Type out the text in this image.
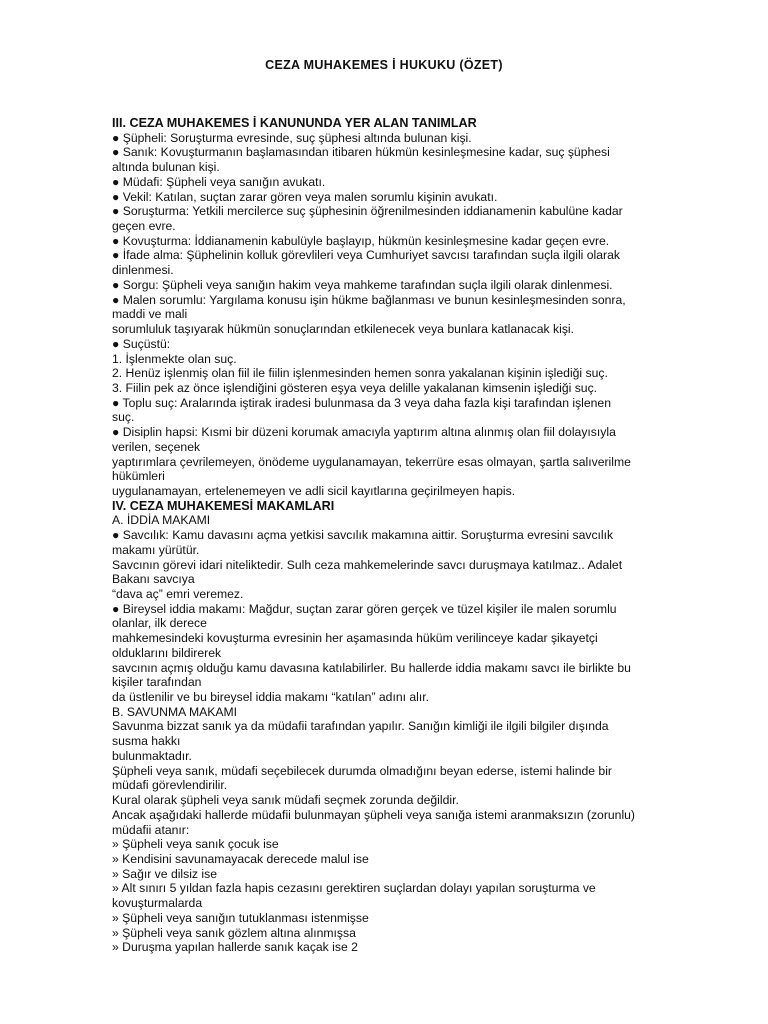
CEZA MUHAKEMES İ HUKUKU (ÖZET)
III. CEZA MUHAKEMES İ KANUNUNDA YER ALAN TANIMLAR
● Şüpheli: Soruşturma evresinde, suç şüphesi altında bulunan kişi.
● Sanık: Kovuşturmanın başlamasından itibaren hükmün kesinleşmesine kadar, suç şüphesi
altında bulunan kişi.
● Müdafi: Şüpheli veya sanığın avukatı.
● Vekil: Katılan, suçtan zarar gören veya malen sorumlu kişinin avukatı.
● Soruşturma: Yetkili mercilerce suç şüphesinin öğrenilmesinden iddianamenin kabulüne kadar
geçen evre.
● Kovuşturma: İddianamenin kabulüyle başlayıp, hükmün kesinleşmesine kadar geçen evre.
● İfade alma: Şüphelinin kolluk görevlileri veya Cumhuriyet savcısı tarafından suçla ilgili olarak
dinlenmesi.
● Sorgu: Şüpheli veya sanığın hakim veya mahkeme tarafından suçla ilgili olarak dinlenmesi.
● Malen sorumlu: Yargılama konusu işin hükme bağlanması ve bunun kesinleşmesinden sonra,
maddi ve mali
sorumluluk taşıyarak hükmün sonuçlarından etkilenecek veya bunlara katlanacak kişi.
● Suçüstü:
1. İşlenmekte olan suç.
2. Henüz işlenmiş olan fiil ile fiilin işlenmesinden hemen sonra yakalanan kişinin işlediği suç.
3. Fiilin pek az önce işlendiğini gösteren eşya veya delille yakalanan kimsenin işlediği suç.
● Toplu suç: Aralarında iştirak iradesi bulunmasa da 3 veya daha fazla kişi tarafından işlenen
suç.
● Disiplin hapsi: Kısmi bir düzeni korumak amacıyla yaptırım altına alınmış olan fiil dolayısıyla
verilen, seçenek
yaptırımlara çevrilemeyen, önödeme uygulanamayan, tekerrüre esas olmayan, şartla salıverilme
hükümleri
uygulanamayan, ertelenemeyen ve adli sicil kayıtlarına geçirilmeyen hapis.
IV. CEZA MUHAKEMESİ MAKAMLARI
A. İDDİA MAKAMI
● Savcılık: Kamu davasını açma yetkisi savcılık makamına aittir. Soruşturma evresini savcılık
makamı yürütür.
Savcının görevi idari niteliktedir. Sulh ceza mahkemelerinde savcı duruşmaya katılmaz.. Adalet
Bakanı savcıya
“dava aç” emri veremez.
● Bireysel iddia makamı: Mağdur, suçtan zarar gören gerçek ve tüzel kişiler ile malen sorumlu
olanlar, ilk derece
mahkemesindeki kovuşturma evresinin her aşamasında hüküm verilinceye kadar şikayetçi
olduklarını bildirerek
savcının açmış olduğu kamu davasına katılabilirler. Bu hallerde iddia makamı savcı ile birlikte bu
kişiler tarafından
da üstlenilir ve bu bireysel iddia makamı “katılan” adını alır.
B. SAVUNMA MAKAMI
Savunma bizzat sanık ya da müdafii tarafından yapılır. Sanığın kimliği ile ilgili bilgiler dışında
susma hakkı
bulunmaktadır.
Şüpheli veya sanık, müdafi seçebilecek durumda olmadığını beyan ederse, istemi halinde bir
müdafi görevlendirilir.
Kural olarak şüpheli veya sanık müdafi seçmek zorunda değildir.
Ancak aşağıdaki hallerde müdafii bulunmayan şüpheli veya sanığa istemi aranmaksızın (zorunlu)
müdafii atanır:
» Şüpheli veya sanık çocuk ise
» Kendisini savunamayacak derecede malul ise
» Sağır ve dilsiz ise
» Alt sınırı 5 yıldan fazla hapis cezasını gerektiren suçlardan dolayı yapılan soruşturma ve
kovuşturmalarda
» Şüpheli veya sanığın tutuklanması istenmişse
» Şüpheli veya sanık gözlem altına alınmışsa
» Duruşma yapılan hallerde sanık kaçak ise 2
